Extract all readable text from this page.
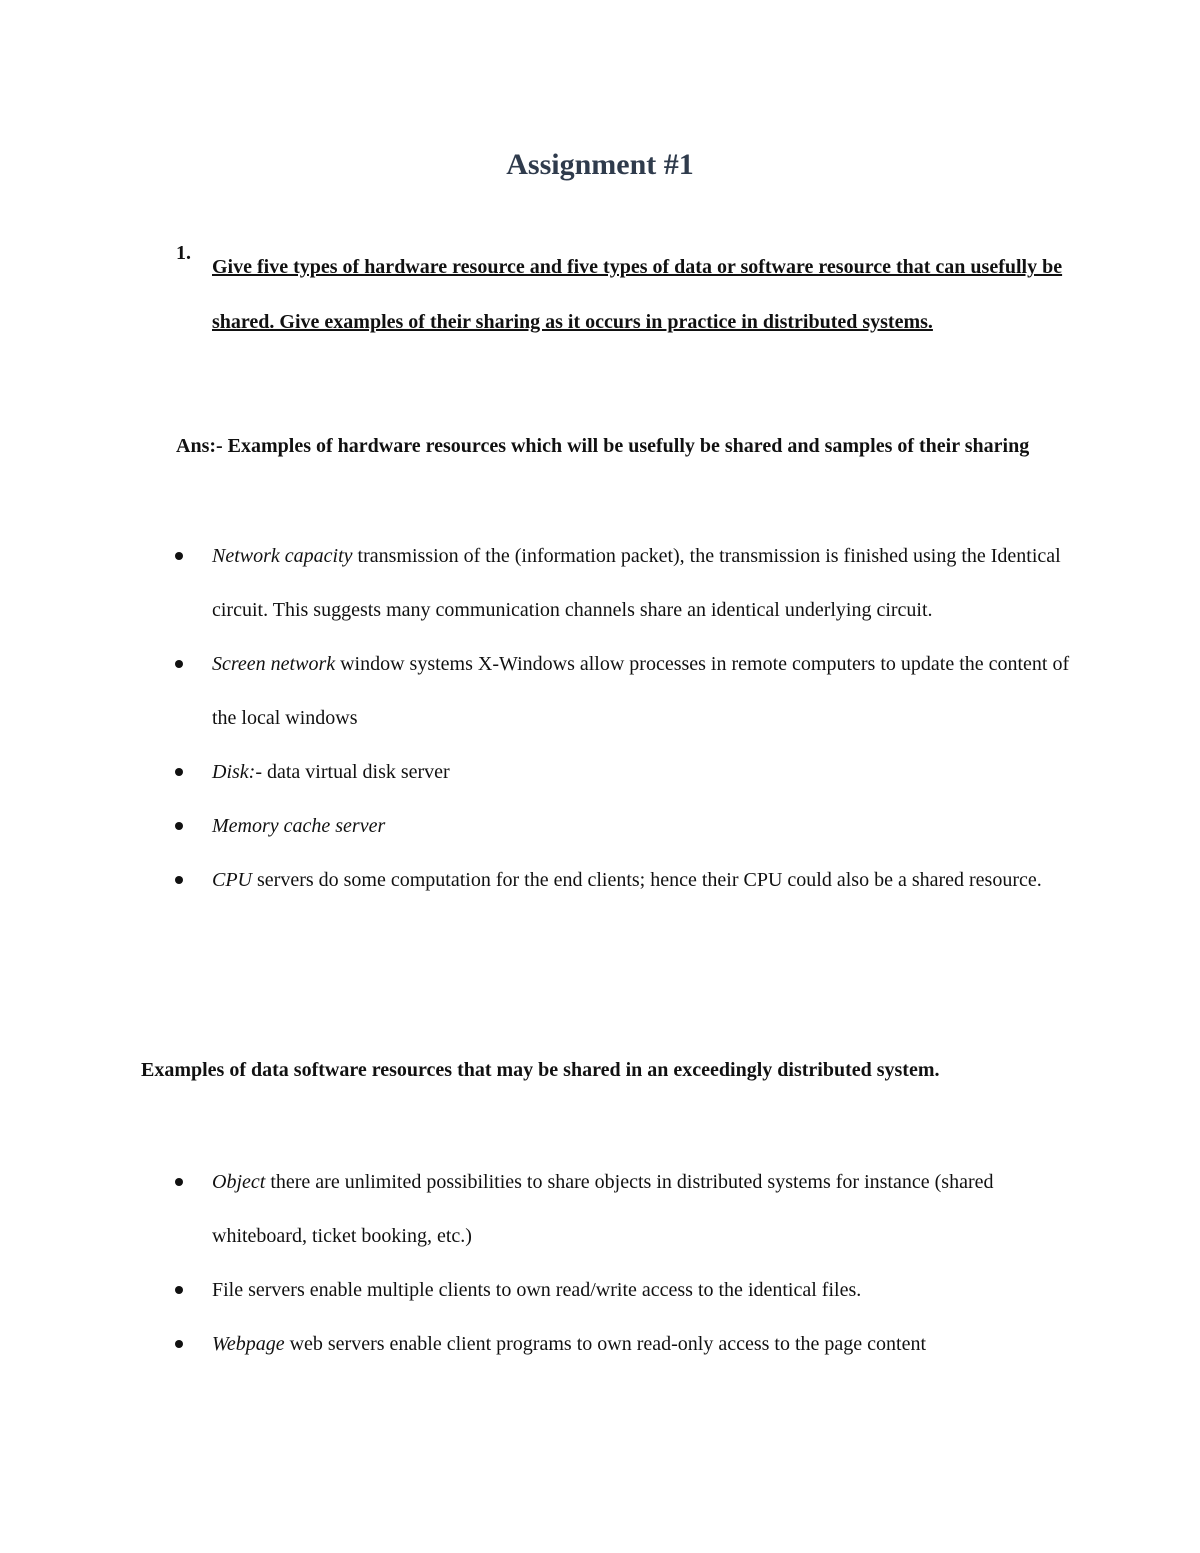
Assignment #1
1.
Give five types of hardware resource and five types of data or software resource that can usefully be shared. Give examples of their sharing as it occurs in practice in distributed systems.
Ans:- Examples of hardware resources which will be usefully be shared and samples of their sharing
Network capacity transmission of the (information packet), the transmission is finished using the Identical circuit. This suggests many communication channels share an identical underlying circuit.
Screen network window systems X-Windows allow processes in remote computers to update the content of the local windows
Disk:- data virtual disk server
Memory cache server
CPU servers do some computation for the end clients; hence their CPU could also be a shared resource.
Examples of data software resources that may be shared in an exceedingly distributed system.
Object there are unlimited possibilities to share objects in distributed systems for instance (shared whiteboard, ticket booking, etc.)
File servers enable multiple clients to own read/write access to the identical files.
Webpage web servers enable client programs to own read-only access to the page content
